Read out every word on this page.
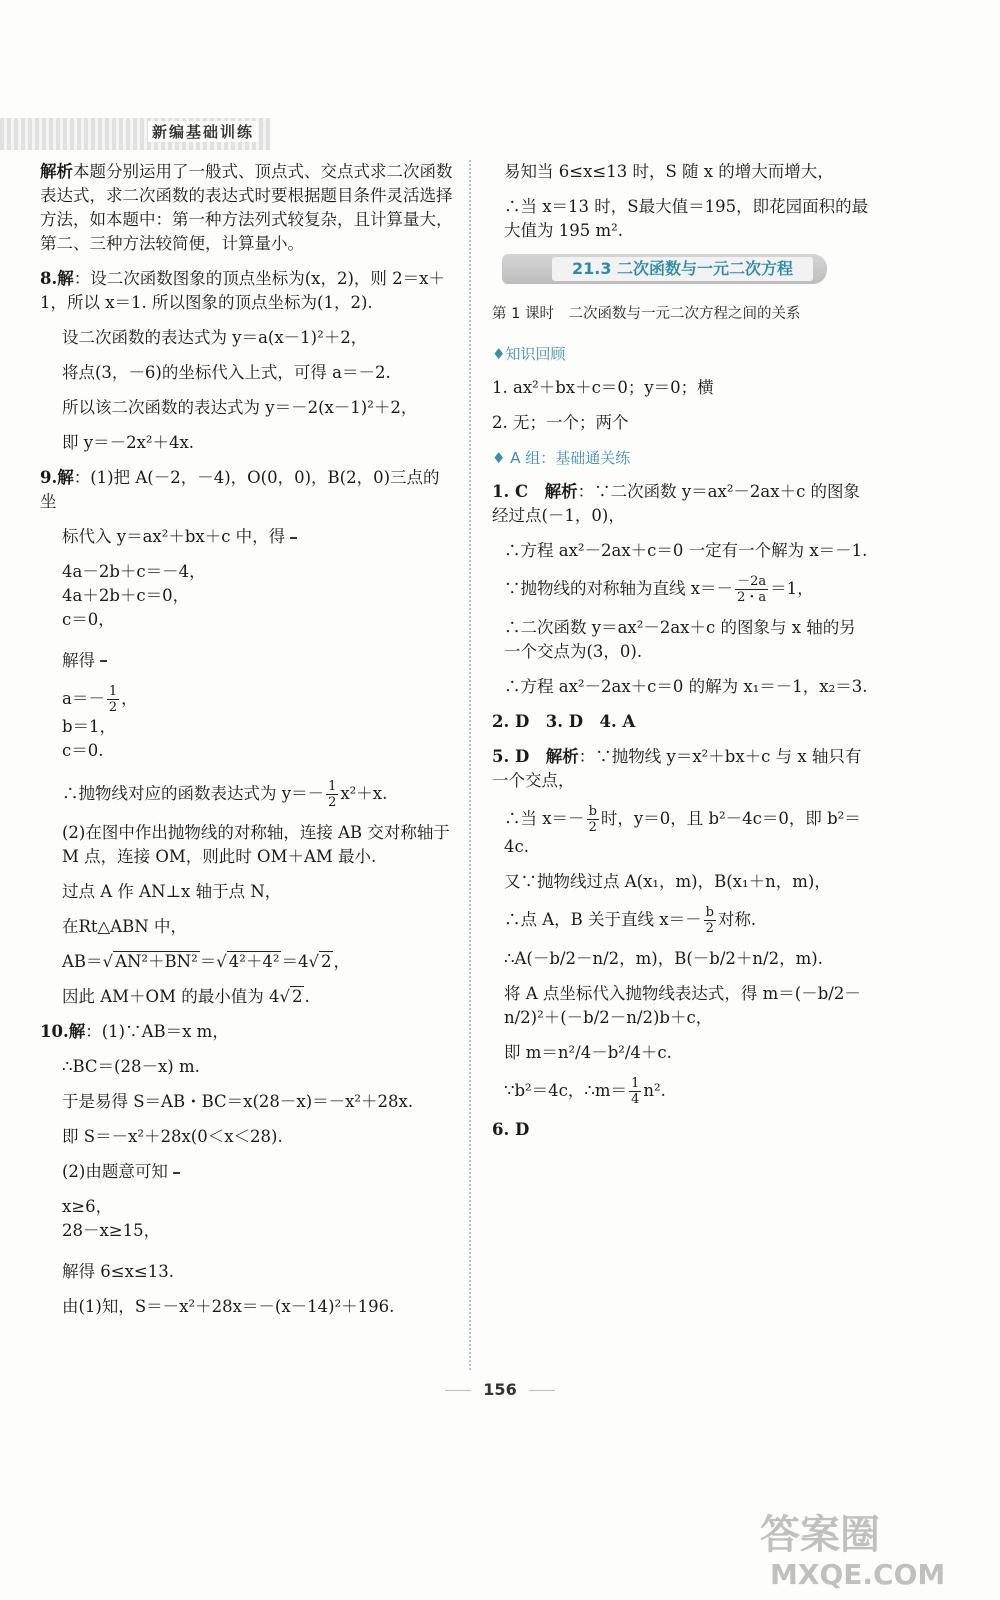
新编基础训练

解析本题分别运用了一般式、顶点式、交点式求二次函数表达式，求二次函数的表达式时要根据题目条件灵活选择方法，如本题中：第一种方法列式较复杂，且计算量大，第二、三种方法较简便，计算量小。

8.解：设二次函数图象的顶点坐标为(x，2)，则 2＝x＋1，所以 x＝1. 所以图象的顶点坐标为(1，2).

设二次函数的表达式为 y＝a(x－1)²＋2，

将点(3，－6)的坐标代入上式，可得 a＝－2.

所以该二次函数的表达式为 y＝－2(x－1)²＋2，

即 y＝－2x²＋4x.

9.解：(1)把 A(－2，－4)，O(0，0)，B(2，0)三点的坐

标代入 y＝ax²＋bx＋c 中，得

4a－2b＋c＝－4，
4a＋2b＋c＝0，
c＝0，

解得

$a=- \frac{1}{2}$ ，
b＝1，
c＝0.

∴抛物线对应的函数表达式为 $y=- \frac{1}{2} x^2+x$.

(2)在图中作出抛物线的对称轴，连接 AB 交对称轴于 M 点，连接 OM，则此时 OM＋AM 最小.

过点 A 作 AN⊥x 轴于点 N，

在Rt△ABN 中，

AB＝√ AN²＋BN² ＝√ 4²＋4² ＝4√ 2 ，

因此 AM＋OM 的最小值为 4√ 2 .

10.解：(1)∵AB＝x m，

∴BC＝(28－x) m.

于是易得 S＝AB・BC＝x(28－x)＝－x²＋28x.

即 S＝－x²＋28x(0＜x＜28).

(2)由题意可知

x≥6，
28－x≥15，

解得 6≤x≤13.

由(1)知，S＝－x²＋28x＝－(x－14)²＋196.

易知当 6≤x≤13 时，S 随 x 的增大而增大，

∴当 x＝13 时，S最大值＝195，即花园面积的最大值为 195 m².

21.3 二次函数与一元二次方程

第 1 课时　二次函数与一元二次方程之间的关系

♦知识回顾

1. ax²＋bx＋c＝0；y＝0；横

2. 无；一个；两个

♦ A 组：基础通关练

1. C　 解析：∵二次函数 y＝ax²－2ax＋c 的图象经过点(－1，0)，

∴方程 ax²－2ax＋c＝0 一定有一个解为 x＝－1.

∵抛物线的对称轴为直线 $x=- \frac{-2a}{2・a} =1$，

∴二次函数 y＝ax²－2ax＋c 的图象与 x 轴的另一个交点为(3，0).

∴方程 ax²－2ax＋c＝0 的解为 x₁＝－1，x₂＝3.

2. D　3. D　4. A

5. D　 解析：∵抛物线 y＝x²＋bx＋c 与 x 轴只有一个交点，

∴当 $x=- \frac{b}{2}$ 时，y＝0，且 b²－4c＝0，即 b²＝4c.

又∵抛物线过点 A(x₁，m)，B(x₁＋n，m)，

∴点 A，B 关于直线 $x=- \frac{b}{2}$ 对称.

∴A(－b/2－n/2，m)，B(－b/2＋n/2，m).

将 A 点坐标代入抛物线表达式，得 m＝(－b/2－n/2)²＋(－b/2－n/2)b＋c，

即 m＝n²/4－b²/4＋c.

∵b²＝4c，∴m＝ $\frac{1}{4} n^2$.

6. D

156
答案圈
MXQE.COM
